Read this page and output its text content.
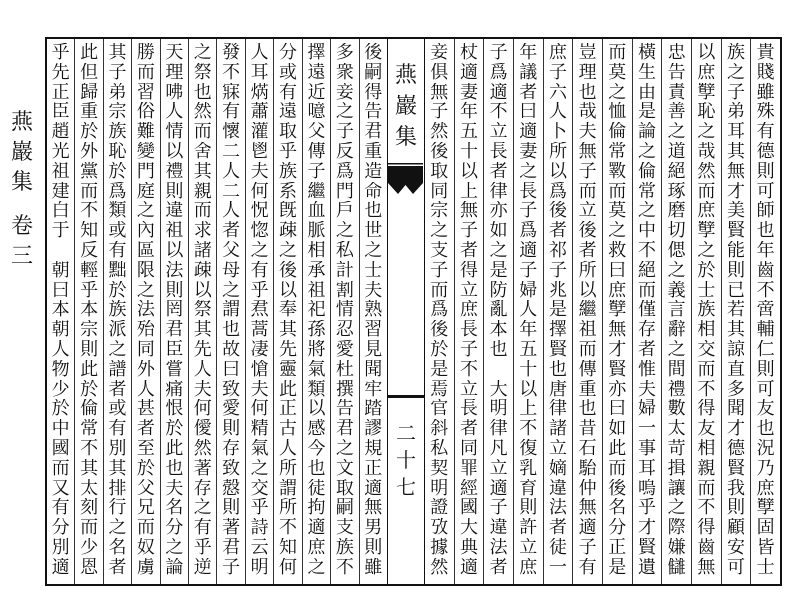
燕
巖
集
卷
三
後
嗣
得
告
君
重
造
命
也
世
之
士
夫
熟
習
見
聞
牢
踏
謬
規
正
適
無
男
則
雖
多
衆
妾
之
子
反
爲
門
戶
之
私
計
割
情
忍
愛
杜
撰
告
君
之
文
取
嗣
支
族
不
擇
遠
近
噫
父
傳
子
繼
血
脈
相
承
祖
祀
孫
將
氣
類
以
感
今
也
徒
拘
適
庶
之
分
或
有
遠
取
乎
族
系
旣
疎
之
後
以
奉
其
先
靈
此
正
古
人
所
謂
所
不
知
何
人
耳
焫
蕭
灌
鬯
夫
何
怳
惚
之
有
乎
焄
蒿
凄
愴
夫
何
精
氣
之
交
乎
詩
云
明
發
不
寐
有
懷
二
人
二
人
者
父
母
之
謂
也
故
曰
致
愛
則
存
致
慤
則
著
君
子
之
祭
也
然
而
舍
其
親
而
求
諸
疎
以
祭
其
先
人
夫
何
僾
然
著
存
之
有
乎
逆
天
理
咈
人
情
以
禮
則
違
祖
以
法
則
罔
君
臣
嘗
痛
恨
於
此
也
夫
名
分
之
論
勝
而
習
俗
難
變
門
庭
之
內
區
限
之
法
殆
同
外
人
甚
者
至
於
父
兄
而
奴
虜
其
子
弟
宗
族
恥
於
爲
類
或
有
黜
於
族
派
之
譜
者
或
有
別
其
排
行
之
名
者
此
但
歸
重
於
外
黨
而
不
知
反
輕
乎
本
宗
則
此
於
倫
常
不
其
太
刻
而
少
恩
乎
先
正
臣
趙
光
祖
建
白
于

朝
曰
本
朝
人
物
少
於
中
國
而
又
有
分
別
適
燕
巖
集
二
十
七
貴
賤
雖
殊
有
德
則
可
師
也
年
齒
不
啻
輔
仁
則
可
友
也
況
乃
庶
孼
固
皆
士
族
之
子
弟
耳
其
無
才
美
賢
能
則
已
若
其
諒
直
多
聞
才
德
賢
我
則
顧
安
可
以
庶
孼
恥
之
哉
然
而
庶
孼
之
於
士
族
相
交
而
不
得
友
相
親
而
不
得
齒
無
忠
告
責
善
之
道
絕
琢
磨
切
偲
之
義
言
辭
之
間
禮
數
太
苛
揖
讓
之
際
嫌
讎
橫
生
由
是
論
之
倫
常
之
中
不
絕
而
僅
存
者
惟
夫
婦
一
事
耳
嗚
乎
才
賢
遺
而
莫
之
恤
倫
常
斁
而
莫
之
救
曰
庶
孼
無
才
賢
亦
曰
如
此
而
後
名
分
正
是
豈
理
也
哉
夫
無
子
而
立
後
者
所
以
繼
祖
而
傳
重
也
昔
石
駘
仲
無
適
子
有
庶
子
六
人
卜
所
以
爲
後
者
祁
子
兆
是
擇
賢
也
唐
律
諸
立
嫡
違
法
者
徒
一
年
議
者
曰
適
妻
之
長
子
爲
適
子
婦
人
年
五
十
以
上
不
復
乳
育
則
許
立
庶
子
爲
適
不
立
長
者
律
亦
如
之
是
防
亂
本
也

大
明
律
凡
立
適
子
違
法
者
杖
適
妻
年
五
十
以
上
無
子
者
得
立
庶
長
子
不
立
長
者
同
罪
經
國
大
典
適
妾
俱
無
子
然
後
取
同
宗
之
支
子
而
爲
後
於
是
焉
官
斜
私
契
明
證
攷
據
然
